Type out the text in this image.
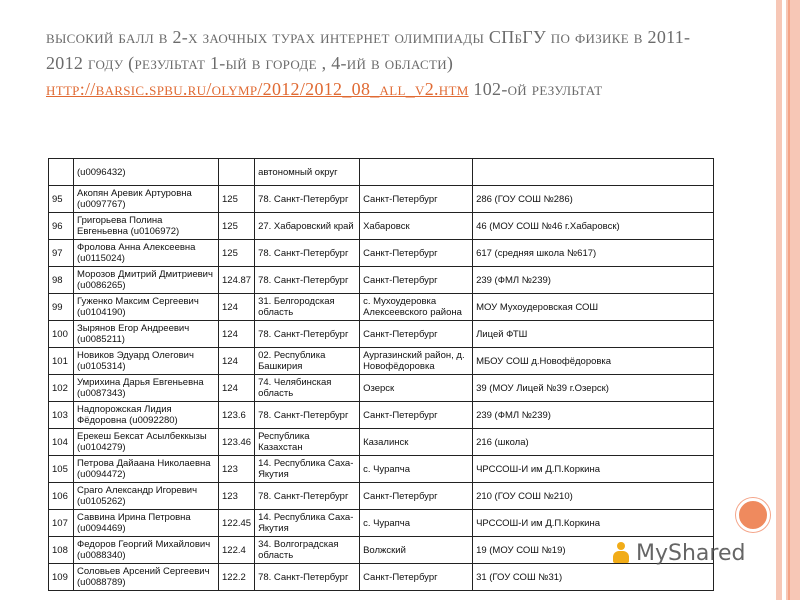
высокий балл в 2-х заочных турах интернет олимпиады СПбГУ по физике в 2011-2012 году (результат 1-ый в городе , 4-ий в области) http://barsic.spbu.ru/olymp/2012/2012_08_all_v2.htm 102-ой результат
	(u0096432)		автономный округ		
95	Акопян Аревик Артуровна (u0097767)	125	78. Санкт-Петербург	Санкт-Петербург	286 (ГОУ СОШ №286)
96	Григорьева Полина Евгеньевна (u0106972)	125	27. Хабаровский край	Хабаровск	46 (МОУ СОШ №46 г.Хабаровск)
97	Фролова Анна Алексеевна (u0115024)	125	78. Санкт-Петербург	Санкт-Петербург	617 (средняя школа №617)
98	Морозов Дмитрий Дмитриевич (u0086265)	124.87	78. Санкт-Петербург	Санкт-Петербург	239 (ФМЛ №239)
99	Гуженко Максим Сергеевич (u0104190)	124	31. Белгородская область	с. Мухоудеровка Алексеевского района	МОУ Мухоудеровская СОШ
100	Зырянов Егор Андреевич (u0085211)	124	78. Санкт-Петербург	Санкт-Петербург	Лицей ФТШ
101	Новиков Эдуард Олегович (u0105314)	124	02. Республика Башкирия	Аургазинский район, д. Новофёдоровка	МБОУ СОШ д.Новофёдоровка
102	Умрихина Дарья Евгеньевна (u0087343)	124	74. Челябинская область	Озерск	39 (МОУ Лицей №39 г.Озерск)
103	Надпорожская Лидия Фёдоровна (u0092280)	123.6	78. Санкт-Петербург	Санкт-Петербург	239 (ФМЛ №239)
104	Ерекеш Бексат Асылбеккызы (u0104279)	123.46	Республика Казахстан	Казалинск	216 (школа)
105	Петрова Дайаана Николаевна (u0094472)	123	14. Республика Саха-Якутия	с. Чурапча	ЧРССОШ-И им Д.П.Коркина
106	Сраго Александр Игоревич (u0105262)	123	78. Санкт-Петербург	Санкт-Петербург	210 (ГОУ СОШ №210)
107	Саввина Ирина Петровна (u0094469)	122.45	14. Республика Саха-Якутия	с. Чурапча	ЧРССОШ-И им Д.П.Коркина
108	Федоров Георгий Михайлович (u0088340)	122.4	34. Волгоградская область	Волжский	19 (МОУ СОШ №19)
109	Соловьев Арсений Сергеевич (u0088789)	122.2	78. Санкт-Петербург	Санкт-Петербург	31 (ГОУ СОШ №31)
MyShared
